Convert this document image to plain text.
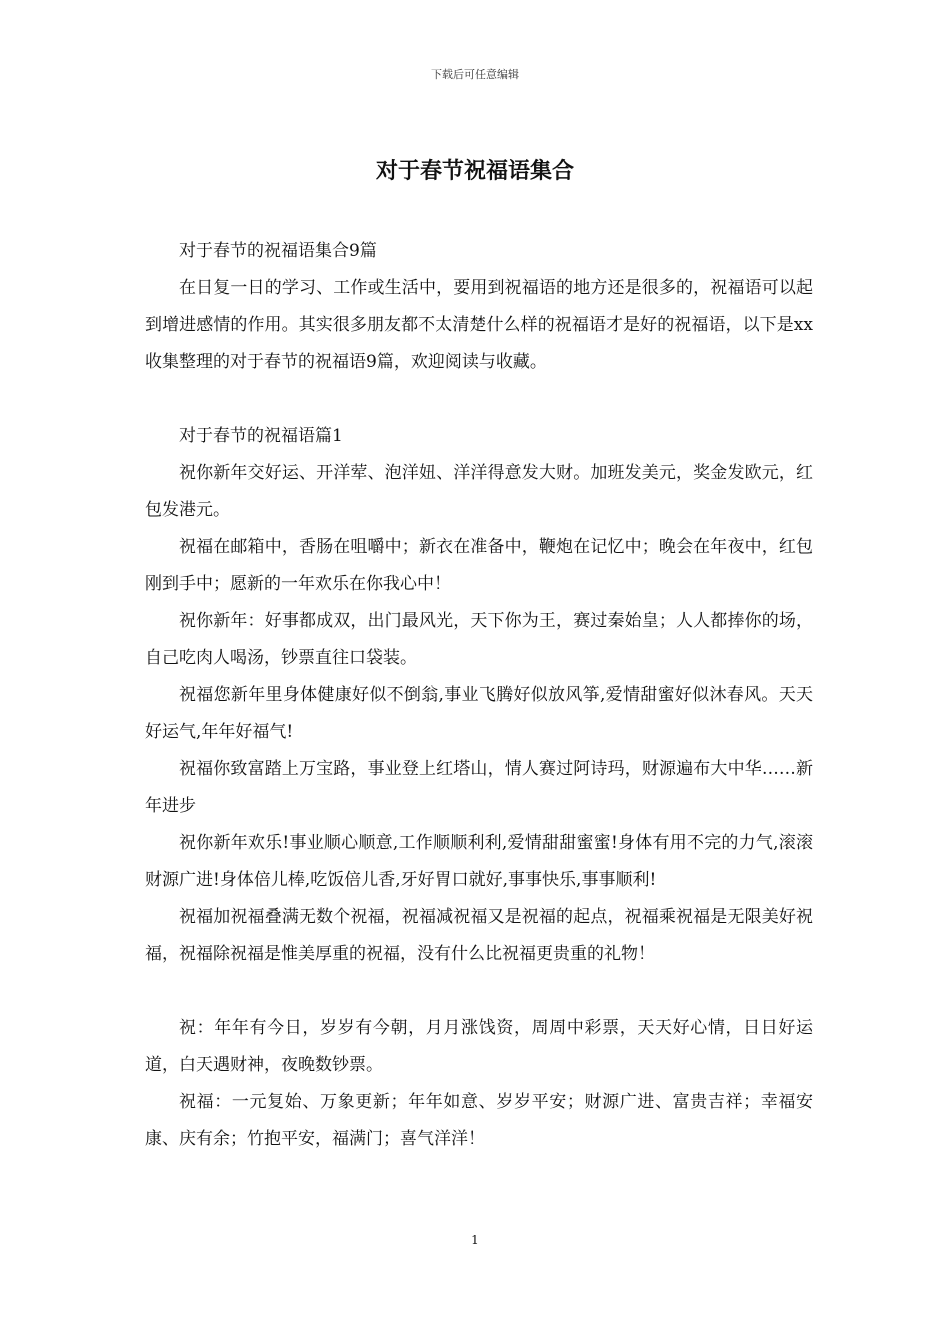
下载后可任意编辑
对于春节祝福语集合

对于春节的祝福语集合9篇

在日复一日的学习、工作或生活中，要用到祝福语的地方还是很多的，祝福语可以起到增进感情的作用。其实很多朋友都不太清楚什么样的祝福语才是好的祝福语，以下是xx收集整理的对于春节的祝福语9篇，欢迎阅读与收藏。

对于春节的祝福语篇1

祝你新年交好运、开洋荤、泡洋妞、洋洋得意发大财。加班发美元，奖金发欧元，红包发港元。

祝福在邮箱中，香肠在咀嚼中；新衣在准备中，鞭炮在记忆中；晚会在年夜中，红包刚到手中；愿新的一年欢乐在你我心中！

祝你新年：好事都成双，出门最风光，天下你为王，赛过秦始皇；人人都捧你的场，自己吃肉人喝汤，钞票直往口袋装。

祝福您新年里身体健康好似不倒翁,事业飞腾好似放风筝,爱情甜蜜好似沐春风。天天好运气,年年好福气!

祝福你致富踏上万宝路，事业登上红塔山，情人赛过阿诗玛，财源遍布大中华……新年进步

祝你新年欢乐!事业顺心顺意,工作顺顺利利,爱情甜甜蜜蜜!身体有用不完的力气,滚滚财源广进!身体倍儿棒,吃饭倍儿香,牙好胃口就好,事事快乐,事事顺利!

祝福加祝福叠满无数个祝福，祝福减祝福又是祝福的起点，祝福乘祝福是无限美好祝福，祝福除祝福是惟美厚重的祝福，没有什么比祝福更贵重的礼物！

祝：年年有今日，岁岁有今朝，月月涨饯资，周周中彩票，天天好心情，日日好运道，白天遇财神，夜晚数钞票。

祝福：一元复始、万象更新；年年如意、岁岁平安；财源广进、富贵吉祥；幸福安康、庆有余；竹抱平安，福满门；喜气洋洋！

1
